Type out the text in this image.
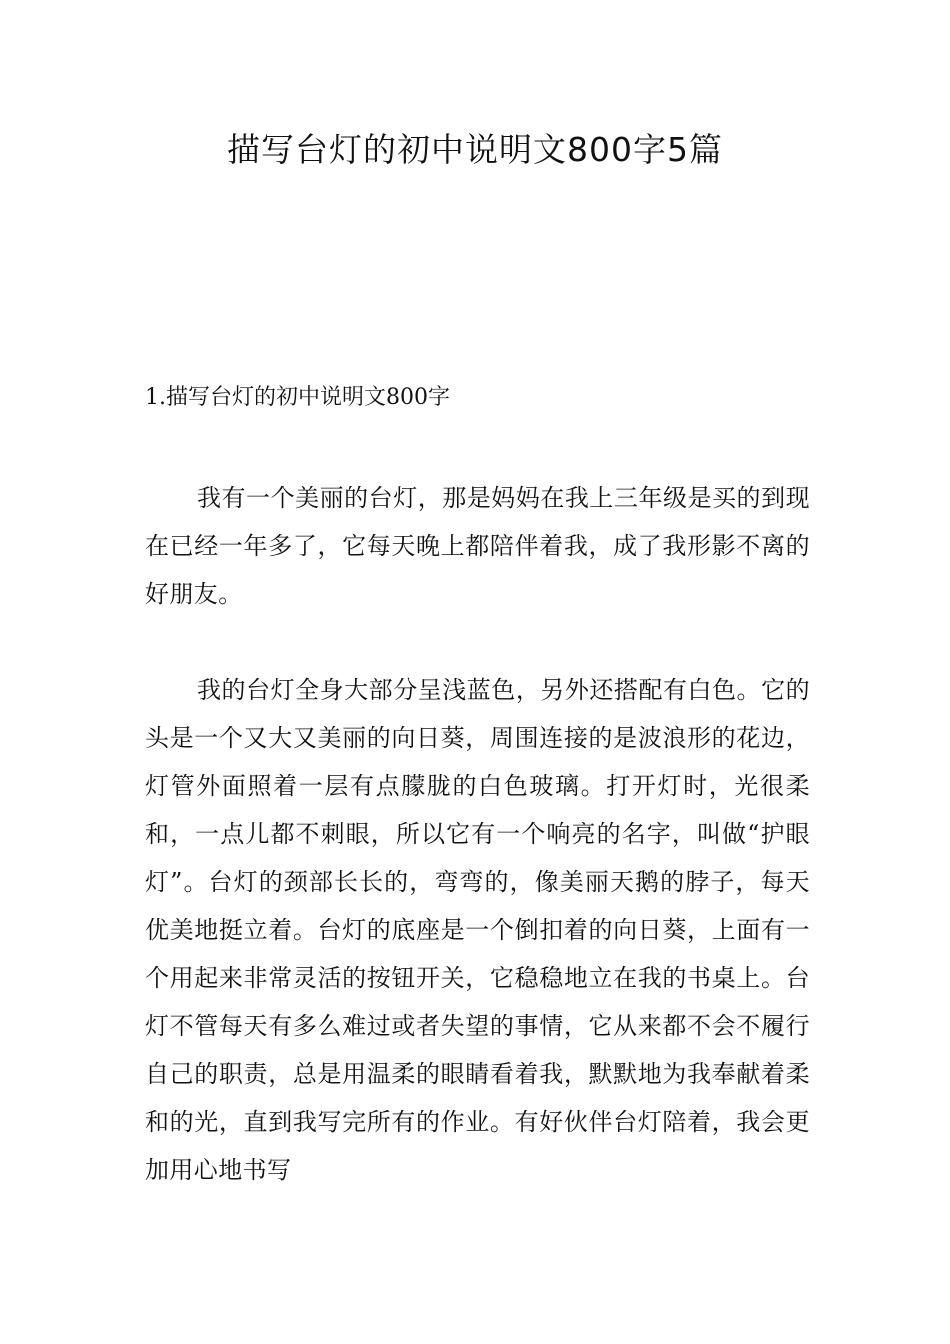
描写台灯的初中说明文800字5篇
1.描写台灯的初中说明文800字

我有一个美丽的台灯，那是妈妈在我上三年级是买的到现在已经一年多了，它每天晚上都陪伴着我，成了我形影不离的好朋友。

我的台灯全身大部分呈浅蓝色，另外还搭配有白色。它的头是一个又大又美丽的向日葵，周围连接的是波浪形的花边，灯管外面照着一层有点朦胧的白色玻璃。打开灯时，光很柔和，一点儿都不刺眼，所以它有一个响亮的名字，叫做“护眼灯”。台灯的颈部长长的，弯弯的，像美丽天鹅的脖子，每天优美地挺立着。台灯的底座是一个倒扣着的向日葵，上面有一个用起来非常灵活的按钮开关，它稳稳地立在我的书桌上。台灯不管每天有多么难过或者失望的事情，它从来都不会不履行自己的职责，总是用温柔的眼睛看着我，默默地为我奉献着柔和的光，直到我写完所有的作业。有好伙伴台灯陪着，我会更加用心地书写
